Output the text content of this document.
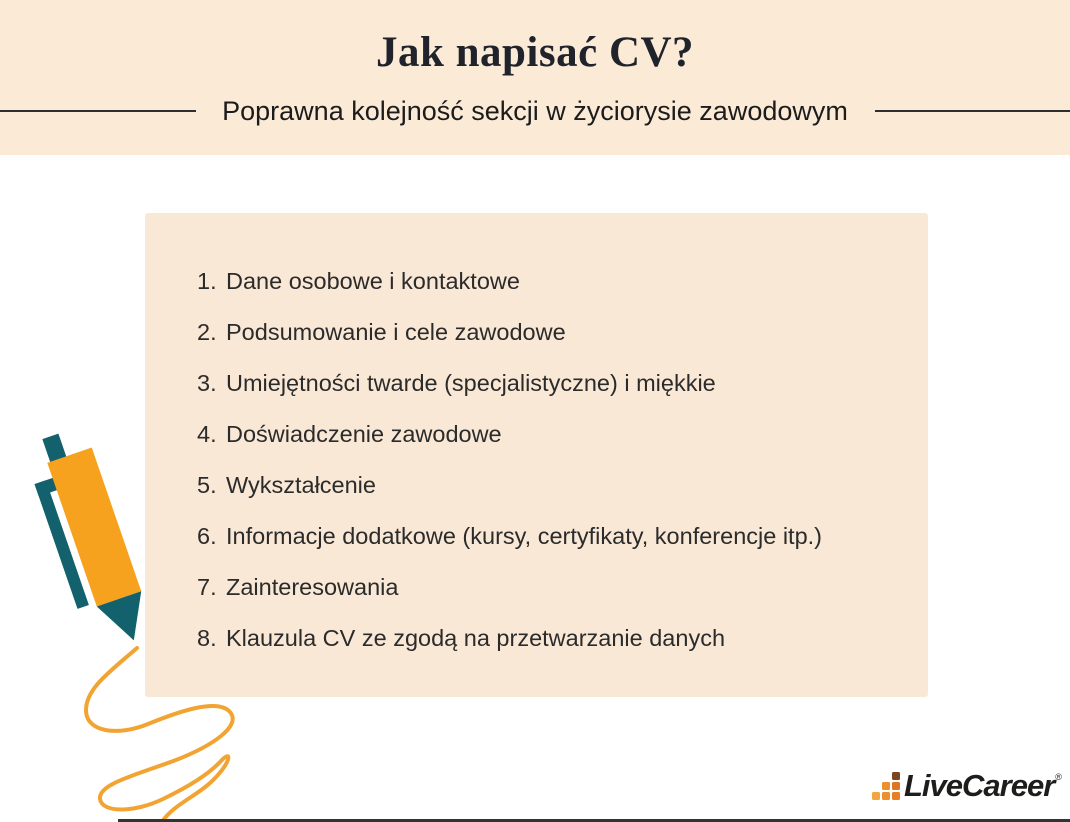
Jak napisać CV?
Poprawna kolejność sekcji w życiorysie zawodowym
1. Dane osobowe i kontaktowe
2. Podsumowanie i cele zawodowe
3. Umiejętności twarde (specjalistyczne) i miękkie
4. Doświadczenie zawodowe
5. Wykształcenie
6. Informacje dodatkowe (kursy, certyfikaty, konferencje itp.)
7. Zainteresowania
8. Klauzula CV ze zgodą na przetwarzanie danych
LiveCareer ®
